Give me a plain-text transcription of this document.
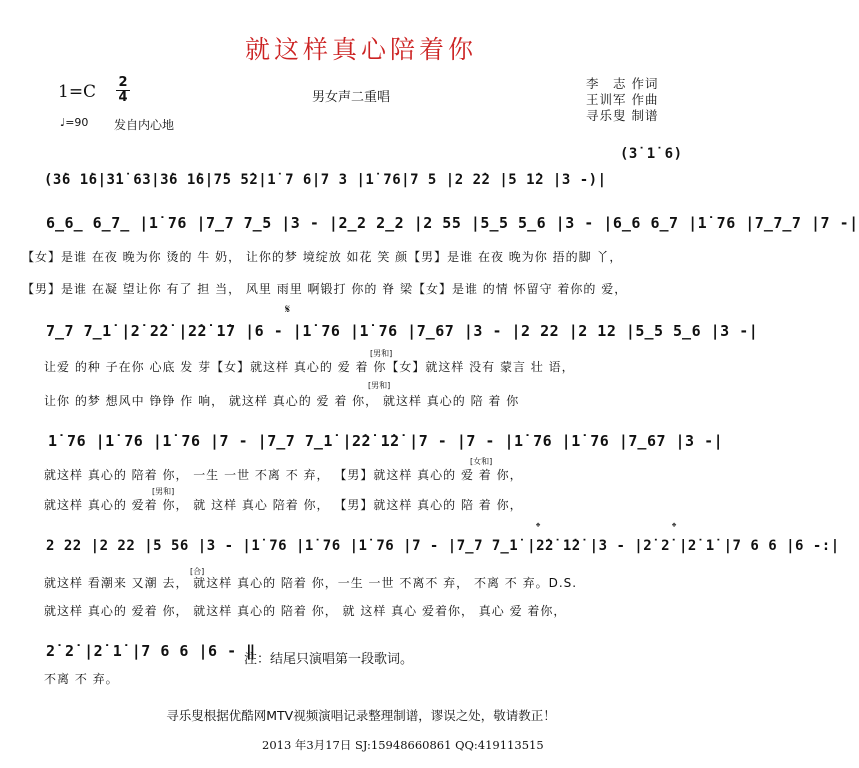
就这样真心陪着你
1=C 2
4
♩=90 发自内心地
男女声二重唱
李　志 作词
王训军 作曲
寻乐叟 制谱
(3̇ 1̇ 6)
(3̇6 1̇6|3̇1̇ 63|3̇6 1̇6|7̇5 5̇2|1̇ 7 6|7 3 |1̇ 76|7 5 |2 2̇2 |5 1̇2 |3 -)|
6̲6̲ 6̲7̲ |1̇ 76 |7̲7 7̲5 |3 - |2̲2 2̲2 |2 55 |5̲5 5̲6 |3 - |6̲6 6̲7 |1̇ 76 |7̲7̲7 |7 -|
【女】是谁 在夜 晚为你 烫的 牛 奶， 让你的梦 境绽放 如花 笑 颜【男】是谁 在夜 晚为你 捂的脚 丫，
【男】是谁 在凝 望让你 有了 担 当， 风里 雨里 啊锻打 你的 脊 梁【女】是谁 的情 怀留守 着你的 爱，
𝄋
7̲7 7̲1̇ |2̇ 2̇2̇ |2̇2̇ 1̇7 |6 - |1̇ 76 |1̇ 76 |7̲67 |3 - |2 22 |2 12 |5̲5 5̲6 |3 -|
[男和]
让爱 的种 子在你 心底 发 芽【女】就这样 真心的 爱 着 你【女】就这样 没有 蒙言 壮 语，
[男和]
让你 的梦 想风中 铮铮 作 响， 就这样 真心的 爱 着 你， 就这样 真心的 陪 着 你
1̇ 76 |1̇ 76 |1̇ 76 |7 - |7̲7 7̲1̇ |2̇2̇ 1̇2̇ |7 - |7 - |1̇ 76 |1̇ 76 |7̲67 |3 -|
[女和]
就这样 真心的 陪着 你， 一生 一世 不离 不 弃， 【男】就这样 真心的 爱 着 你，
[男和]
就这样 真心的 爱着 你， 就 这样 真心 陪着 你， 【男】就这样 真心的 陪 着 你，
𝄌	𝄌
2 22 |2 22 |5 56 |3 - |1̇ 76 |1̇ 76 |1̇ 76 |7 - |7̲7 7̲1̇ |2̇2̇ 1̇2̇ |3 - |2̇ 2̇ |2̇ 1̇ |7 6 6 |6 -:|
[合]
就这样 看潮来 又潮 去， 就这样 真心的 陪着 你，一生 一世 不离不 弃， 不离 不 弃。D.S.
就这样 真心的 爱着 你， 就这样 真心的 陪着 你， 就 这样 真心 爱着你， 真心 爱 着你，
2̇ 2̇ |2̇ 1̇ |7 6 6 |6 - ‖
注：结尾只演唱第一段歌词。
不离 不 弃。
寻乐叟根据优酷网MTV视频演唱记录整理制谱，谬误之处，敬请教正！
2013 年3月17日 SJ:15948660861 QQ:419113515
